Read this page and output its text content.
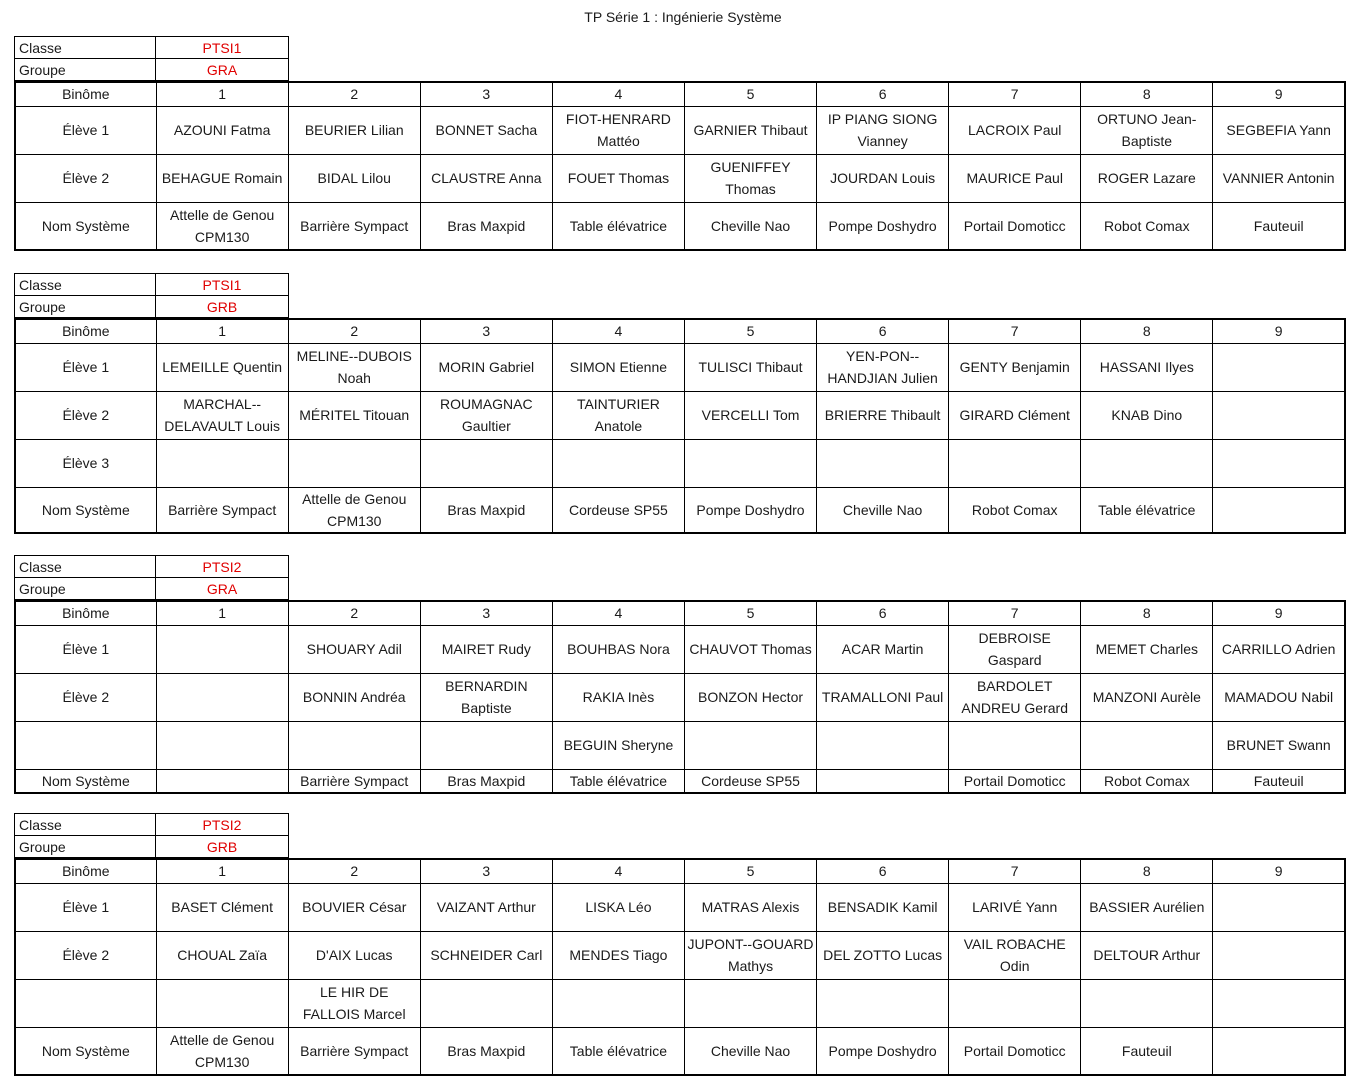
TP Série 1 : Ingénierie Système
Classe	PTSI1
Groupe	GRA
Binôme	1	2	3	4	5	6	7	8	9
Élève 1	AZOUNI Fatma	BEURIER Lilian	BONNET Sacha	FIOT-HENRARD Mattéo	GARNIER Thibaut	IP PIANG SIONG Vianney	LACROIX Paul	ORTUNO Jean-Baptiste	SEGBEFIA Yann
Élève 2	BEHAGUE Romain	BIDAL Lilou	CLAUSTRE Anna	FOUET Thomas	GUENIFFEY Thomas	JOURDAN Louis	MAURICE Paul	ROGER Lazare	VANNIER Antonin
Nom Système	Attelle de Genou CPM130	Barrière Sympact	Bras Maxpid	Table élévatrice	Cheville Nao	Pompe Doshydro	Portail Domoticc	Robot Comax	Fauteuil
Classe	PTSI1
Groupe	GRB
Binôme	1	2	3	4	5	6	7	8	9
Élève 1	LEMEILLE Quentin	MELINE--DUBOIS Noah	MORIN Gabriel	SIMON Etienne	TULISCI Thibaut	YEN-PON--HANDJIAN Julien	GENTY Benjamin	HASSANI Ilyes	
Élève 2	MARCHAL--DELAVAULT Louis	MÉRITEL Titouan	ROUMAGNAC Gaultier	TAINTURIER Anatole	VERCELLI Tom	BRIERRE Thibault	GIRARD Clément	KNAB Dino	
Élève 3									
Nom Système	Barrière Sympact	Attelle de Genou CPM130	Bras Maxpid	Cordeuse SP55	Pompe Doshydro	Cheville Nao	Robot Comax	Table élévatrice	
Classe	PTSI2
Groupe	GRA
Binôme	1	2	3	4	5	6	7	8	9
Élève 1		SHOUARY Adil	MAIRET Rudy	BOUHBAS Nora	CHAUVOT Thomas	ACAR Martin	DEBROISE Gaspard	MEMET Charles	CARRILLO Adrien
Élève 2		BONNIN Andréa	BERNARDIN Baptiste	RAKIA Inès	BONZON Hector	TRAMALLONI Paul	BARDOLET ANDREU Gerard	MANZONI Aurèle	MAMADOU Nabil
				BEGUIN Sheryne					BRUNET Swann
Nom Système		Barrière Sympact	Bras Maxpid	Table élévatrice	Cordeuse SP55		Portail Domoticc	Robot Comax	Fauteuil
Classe	PTSI2
Groupe	GRB
Binôme	1	2	3	4	5	6	7	8	9
Élève 1	BASET Clément	BOUVIER César	VAIZANT Arthur	LISKA Léo	MATRAS Alexis	BENSADIK Kamil	LARIVÉ Yann	BASSIER Aurélien	
Élève 2	CHOUAL Zaïa	D'AIX Lucas	SCHNEIDER Carl	MENDES Tiago	JUPONT--GOUARD Mathys	DEL ZOTTO Lucas	VAIL ROBACHE Odin	DELTOUR Arthur	
		LE HIR DE FALLOIS Marcel							
Nom Système	Attelle de Genou CPM130	Barrière Sympact	Bras Maxpid	Table élévatrice	Cheville Nao	Pompe Doshydro	Portail Domoticc	Fauteuil	
